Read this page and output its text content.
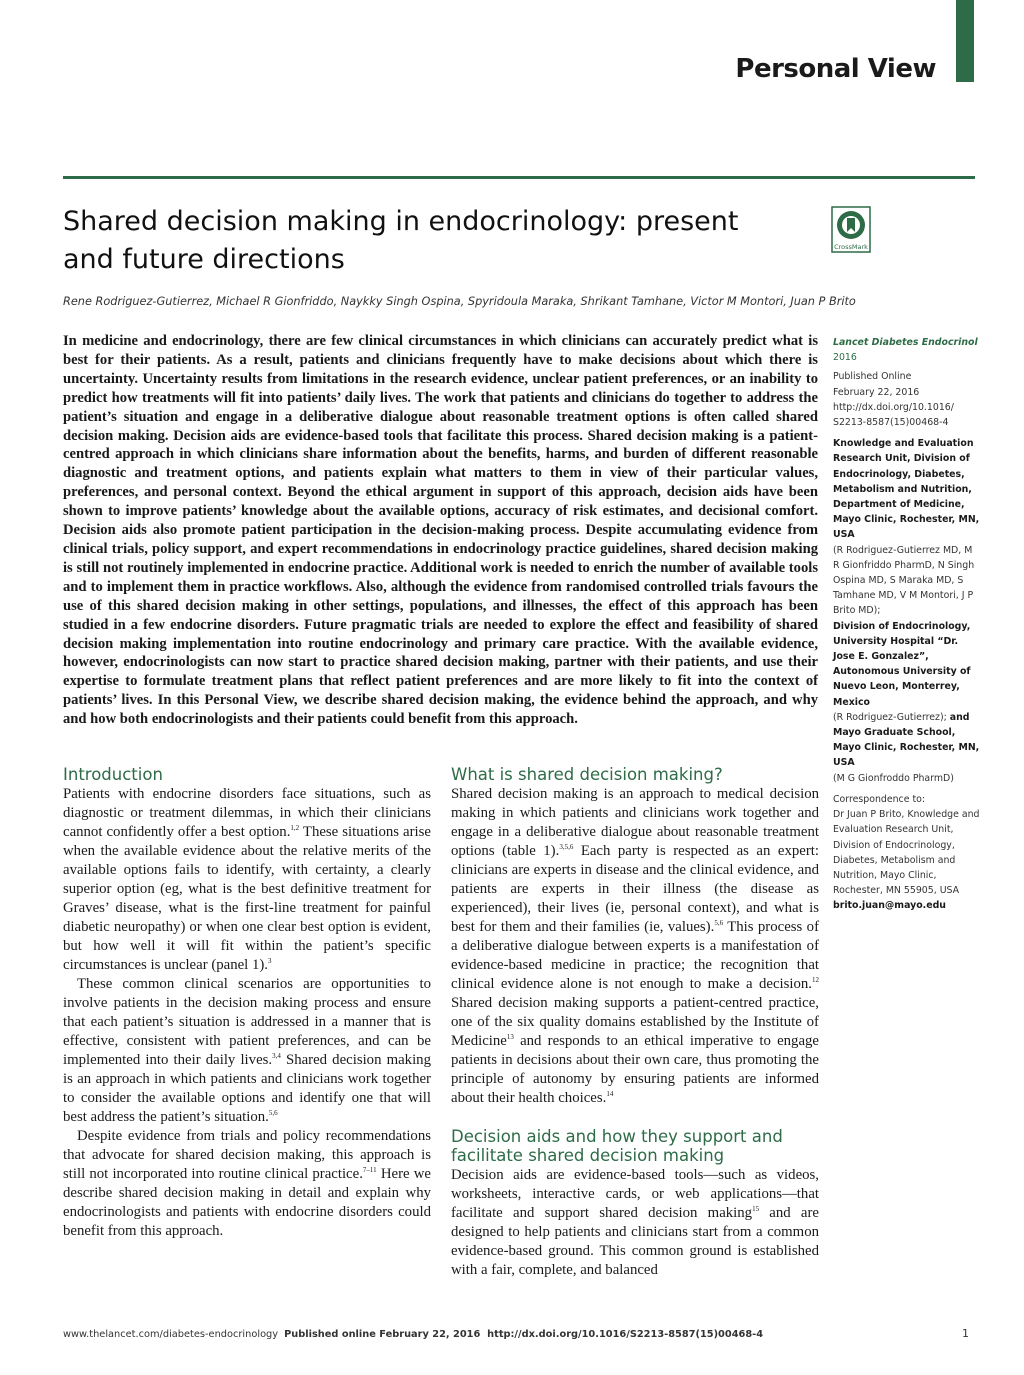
Personal View
Shared decision making in endocrinology: present and future directions	CrossMark

Rene Rodriguez-Gutierrez, Michael R Gionfriddo, Naykky Singh Ospina, Spyridoula Maraka, Shrikant Tamhane, Victor M Montori, Juan P Brito

In medicine and endocrinology, there are few clinical circumstances in which clinicians can accurately predict what is best for their patients. As a result, patients and clinicians frequently have to make decisions about which there is uncertainty. Uncertainty results from limitations in the research evidence, unclear patient preferences, or an inability to predict how treatments will fit into patients’ daily lives. The work that patients and clinicians do together to address the patient’s situation and engage in a deliberative dialogue about reasonable treatment options is often called shared decision making. Decision aids are evidence-based tools that facilitate this process. Shared decision making is a patient-centred approach in which clinicians share information about the benefits, harms, and burden of different reasonable diagnostic and treatment options, and patients explain what matters to them in view of their particular values, preferences, and personal context. Beyond the ethical argument in support of this approach, decision aids have been shown to improve patients’ knowledge about the available options, accuracy of risk estimates, and decisional comfort. Decision aids also promote patient participation in the decision-making process. Despite accumulating evidence from clinical trials, policy support, and expert recommendations in endocrinology practice guidelines, shared decision making is still not routinely implemented in endocrine practice. Additional work is needed to enrich the number of available tools and to implement them in practice workflows. Also, although the evidence from randomised controlled trials favours the use of this shared decision making in other settings, populations, and illnesses, the effect of this approach has been studied in a few endocrine disorders. Future pragmatic trials are needed to explore the effect and feasibility of shared decision making implementation into routine endocrinology and primary care practice. With the available evidence, however, endocrinologists can now start to practice shared decision making, partner with their patients, and use their expertise to formulate treatment plans that reflect patient preferences and are more likely to fit into the context of patients’ lives. In this Personal View, we describe shared decision making, the evidence behind the approach, and why and how both endocrinologists and their patients could benefit from this approach.

Lancet Diabetes Endocrinol 2016

Published Online

February 22, 2016

http://dx.doi.org/10.1016/

S2213-8587(15)00468-4

Knowledge and Evaluation Research Unit, Division of Endocrinology, Diabetes, Metabolism and Nutrition, Department of Medicine, Mayo Clinic, Rochester, MN, USA

(R Rodriguez-Gutierrez MD, M R Gionfriddo PharmD, N Singh Ospina MD, S Maraka MD, S Tamhane MD, V M Montori, J P Brito MD);

Division of Endocrinology, University Hospital “Dr. Jose E. Gonzalez”, Autonomous University of Nuevo Leon, Monterrey, Mexico

(R Rodriguez-Gutierrez); and

Mayo Graduate School, Mayo Clinic, Rochester, MN, USA

(M G Gionfroddo PharmD)

Correspondence to:

Dr Juan P Brito, Knowledge and Evaluation Research Unit, Division of Endocrinology, Diabetes, Metabolism and Nutrition, Mayo Clinic, Rochester, MN 55905, USA

brito.juan@mayo.edu

Introduction

Patients with endocrine disorders face situations, such as diagnostic or treatment dilemmas, in which their clinicians cannot confidently offer a best option.$^{1,2}$ These situations arise when the available evidence about the relative merits of the available options fails to identify, with certainty, a clearly superior option (eg, what is the best definitive treatment for Graves’ disease, what is the first-line treatment for painful diabetic neuropathy) or when one clear best option is evident, but how well it will fit within the patient’s specific circumstances is unclear (panel 1).$^3$

These common clinical scenarios are opportunities to involve patients in the decision making process and ensure that each patient’s situation is addressed in a manner that is effective, consistent with patient preferences, and can be implemented into their daily lives.$^{3,4}$ Shared decision making is an approach in which patients and clinicians work together to consider the available options and identify one that will best address the patient’s situation.$^{5,6}$

Despite evidence from trials and policy recommendations that advocate for shared decision making, this approach is still not incorporated into routine clinical practice.$^{7-11}$ Here we describe shared decision making in detail and explain why endocrinologists and patients with endocrine disorders could benefit from this approach.

What is shared decision making?

Shared decision making is an approach to medical decision making in which patients and clinicians work together and engage in a deliberative dialogue about reasonable treatment options (table 1).$^{3,5,6}$ Each party is respected as an expert: clinicians are experts in disease and the clinical evidence, and patients are experts in their illness (the disease as experienced), their lives (ie, personal context), and what is best for them and their families (ie, values).$^{5,6}$ This process of a deliberative dialogue between experts is a manifestation of evidence-based medicine in practice; the recognition that clinical evidence alone is not enough to make a decision.$^{12}$ Shared decision making supports a patient-centred practice, one of the six quality domains established by the Institute of Medicine$^{13}$ and responds to an ethical imperative to engage patients in decisions about their own care, thus promoting the principle of autonomy by ensuring patients are informed about their health choices.$^{14}$

Decision aids and how they support and facilitate shared decision making

Decision aids are evidence-based tools—such as videos, worksheets, interactive cards, or web applications—that facilitate and support shared decision making$^{15}$ and are designed to help patients and clinicians start from a common evidence-based ground. This common ground is established with a fair, complete, and balanced

www.thelancet.com/diabetes-endocrinology Published online February 22, 2016 http://dx.doi.org/10.1016/S2213-8587(15)00468-4	1
